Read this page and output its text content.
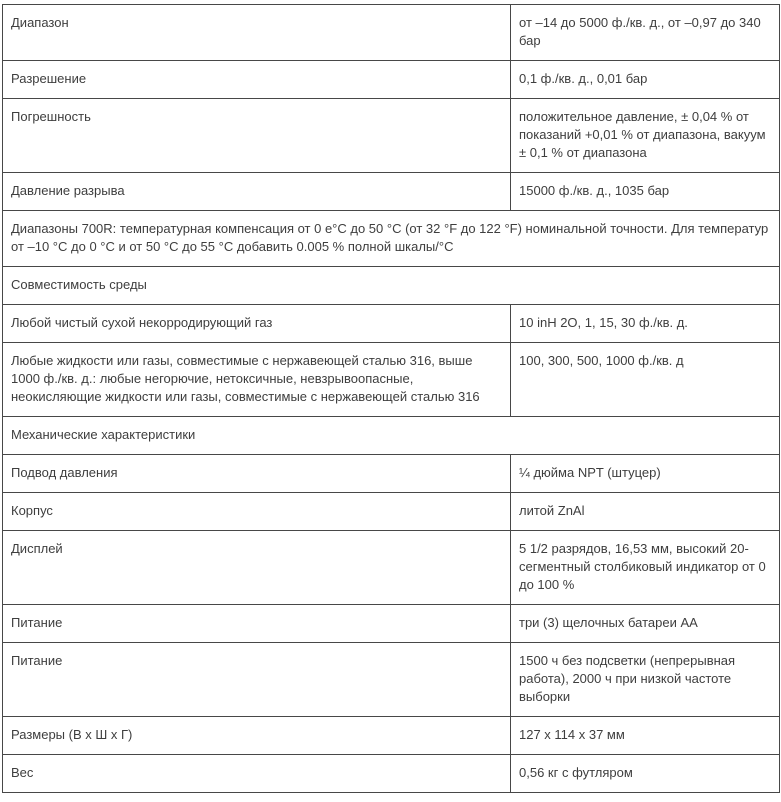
Диапазон	от –14 до 5000 ф./кв. д., от –0,97 до 340 бар
Разрешение	0,1 ф./кв. д., 0,01 бар
Погрешность	положительное давление, ± 0,04 % от показаний +0,01 % от диапазона, вакуум ± 0,1 % от диапазона
Давление разрыва	15000 ф./кв. д., 1035 бар
Диапазоны 700R: температурная компенсация от 0 е°С до 50 °C (от 32 °F до 122 °F) номинальной точности. Для температур от –10 °C до 0 °C и от 50 °C до 55 °C добавить 0.005 % полной шкалы/°C	
Совместимость среды	
Любой чистый сухой некорродирующий газ	10 inH 2O, 1, 15, 30 ф./кв. д.
Любые жидкости или газы, совместимые с нержавеющей сталью 316, выше 1000 ф./кв. д.: любые негорючие, нетоксичные, невзрывоопасные, неокисляющие жидкости или газы, совместимые с нержавеющей сталью 316	100, 300, 500, 1000 ф./кв. д
Механические характеристики	
Подвод давления	¼ дюйма NPT (штуцер)
Корпус	литой ZnAl
Дисплей	5 1/2 разрядов, 16,53 мм, высокий 20-сегментный столбиковый индикатор от 0 до 100 %
Питание	три (3) щелочных батареи AA
Питание	1500 ч без подсветки (непрерывная работа), 2000 ч при низкой частоте выборки
Размеры (В х Ш х Г)	127 x 114 x 37 мм
Вес	0,56 кг с футляром
